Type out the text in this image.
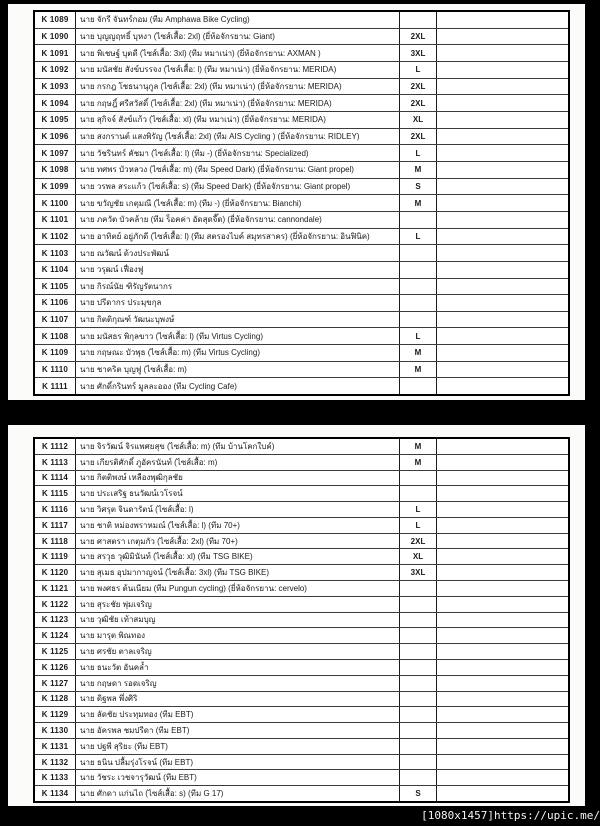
K 1089	นาย จักรี จันทร์กอม (ทีม Amphawa Bike Cycling)
K 1090	นาย บุญญฤทธิ์ บุหงา (ไซส์เสื้อ: 2xl) (ยี่ห้อจักรยาน: Giant)	2XL
K 1091	นาย พิเชษฐ์ บุตดี (ไซส์เสื้อ: 3xl) (ทีม หมาเน่า) (ยี่ห้อจักรยาน: AXMAN )	3XL
K 1092	นาย มนัสชัย สังข์บรรจง (ไซส์เสื้อ: l) (ทีม หมาเน่า) (ยี่ห้อจักรยาน: MERIDA)	L
K 1093	นาย กรกฎ โชธนานุกูล (ไซส์เสื้อ: 2xl) (ทีม หมาเน่า) (ยี่ห้อจักรยาน: MERIDA)	2XL
K 1094	นาย กฤษฎิ์ ศรีสวัสดิ์ (ไซส์เสื้อ: 2xl) (ทีม หมาเน่า) (ยี่ห้อจักรยาน: MERIDA)	2XL
K 1095	นาย สุกิจจ์ สังข์แก้ว (ไซส์เสื้อ: xl) (ทีม หมาเน่า) (ยี่ห้อจักรยาน: MERIDA)	XL
K 1096	นาย สงกรานต์ แสงพิรัญ (ไซส์เสื้อ: 2xl) (ทีม AIS Cycling ) (ยี่ห้อจักรยาน: RIDLEY)	2XL
K 1097	นาย วัชรินทร์ คัชมา (ไซส์เสื้อ: l) (ทีม -) (ยี่ห้อจักรยาน: Specialized)	L
K 1098	นาย ทศพร บัวหลวง (ไซส์เสื้อ: m) (ทีม Speed Dark) (ยี่ห้อจักรยาน: Giant propel)	M
K 1099	นาย วรพล สระแก้ว (ไซส์เสื้อ: s) (ทีม Speed Dark) (ยี่ห้อจักรยาน: Giant propel)	S
K 1100	นาย ขวัญชัย เกตุมณี (ไซส์เสื้อ: m) (ทีม -) (ยี่ห้อจักรยาน: Bianchi)	M
K 1101	นาย ภควัต บัวคล้าย (ทีม ร็อคค่า อัดสุดจี๊ด) (ยี่ห้อจักรยาน: cannondale)
K 1102	นาย อาทิตย์ อยู่ภักดี (ไซส์เสื้อ: l) (ทีม สตรองไบค์ สมุทรสาคร) (ยี่ห้อจักรยาน: อินฟินิค)	L
K 1103	นาย ณวัฒน์ ด้วงประพัฒน์
K 1104	นาย วรุฒน์ เฟื่องฟู
K 1105	นาย กิรณ์นัย ฑิรัญรัตนากร
K 1106	นาย ปรีดากร ประมุขกุล
K 1107	นาย กิตติกุณฑ์ วัฒนะบุพงษ์
K 1108	นาย มนัสธร พิกุลขาว (ไซส์เสื้อ: l) (ทีม Virtus Cycling)	L
K 1109	นาย กฤษณะ บัวพุธ (ไซส์เสื้อ: m) (ทีม Virtus Cycling)	M
K 1110	นาย ชาคริต บุญฟู (ไซส์เสื้อ: m)	M
K 1111	นาย ศักดิ์กรินทร์ มูลละออง (ทีม Cycling Cafe)
K 1112	นาย จิรวัฒน์ จิรแพศยสุข (ไซส์เสื้อ: m) (ทีม บ้านโคกใบค์)	M
K 1113	นาย เกียรติศักดิ์ ภูอัครนันท์ (ไซส์เสื้อ: m)	M
K 1114	นาย กิตติพงษ์ เหลืองพุฒิกุลชัย
K 1115	นาย ประเสริฐ ธนวัฒน์เวโรจน์
K 1116	นาย วิศรุต จินดารัตน์ (ไซส์เสื้อ: l)	L
K 1117	นาย ชาติ หม่องพราหมณ์ (ไซส์เสื้อ: l) (ทีม 70+)	L
K 1118	นาย ศาสตรา เกตุมกัว (ไซส์เสื้อ: 2xl) (ทีม 70+)	2XL
K 1119	นาย สรวุธ วุฒิมินันท์ (ไซส์เสื้อ: xl) (ทีม TSG BIKE)	XL
K 1120	นาย สุเมธ อุปมากาญจน์ (ไซส์เสื้อ: 3xl) (ทีม TSG BIKE)	3XL
K 1121	นาย พงศธร ต้นเนียม (ทีม Pungun cycling) (ยี่ห้อจักรยาน: cervelo)
K 1122	นาย สุระชัย พุ่มเจริญ
K 1123	นาย วุฒิชัย เท้าสมบุญ
K 1124	นาย มารุต พิณทอง
K 1125	นาย ศรชัย ตาลเจริญ
K 1126	นาย ธนะวัต อันคล้ำ
K 1127	นาย กฤษดา รอดเจริญ
K 1128	นาย ดิฐพล พึ่งศิริ
K 1129	นาย ลัดชัย ประทุมทอง (ทีม EBT)
K 1130	นาย อัครพล ชมปรีดา (ทีม EBT)
K 1131	นาย ปฐพี สุริยะ (ทีม EBT)
K 1132	นาย ธนิน ปลื้มรุ่งโรจน์ (ทีม EBT)
K 1133	นาย วัชระ เวชจารุวัฒน์ (ทีม EBT)
K 1134	นาย ศักดา แก่นไถ (ไซส์เสื้อ: s) (ทีม G 17)	S
[1080x1457] https://upic.me/
